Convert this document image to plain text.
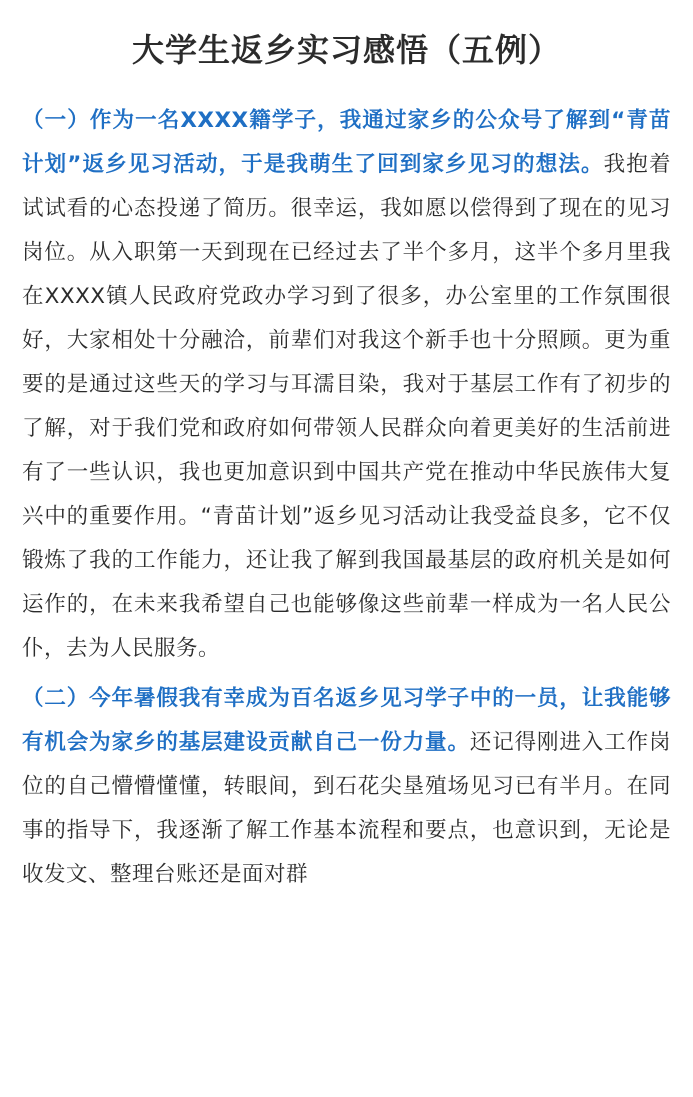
大学生返乡实习感悟（五例）

（一）作为一名XXXX籍学子，我通过家乡的公众号了解到“青苗计划”返乡见习活动，于是我萌生了回到家乡见习的想法。我抱着试试看的心态投递了简历。很幸运，我如愿以偿得到了现在的见习岗位。从入职第一天到现在已经过去了半个多月，这半个多月里我在XXXX镇人民政府党政办学习到了很多，办公室里的工作氛围很好，大家相处十分融洽，前辈们对我这个新手也十分照顾。更为重要的是通过这些天的学习与耳濡目染，我对于基层工作有了初步的了解，对于我们党和政府如何带领人民群众向着更美好的生活前进有了一些认识，我也更加意识到中国共产党在推动中华民族伟大复兴中的重要作用。“青苗计划”返乡见习活动让我受益良多，它不仅锻炼了我的工作能力，还让我了解到我国最基层的政府机关是如何运作的，在未来我希望自己也能够像这些前辈一样成为一名人民公仆，去为人民服务。

（二）今年暑假我有幸成为百名返乡见习学子中的一员，让我能够有机会为家乡的基层建设贡献自己一份力量。还记得刚进入工作岗位的自己懵懵懂懂，转眼间，到石花尖垦殖场见习已有半月。在同事的指导下，我逐渐了解工作基本流程和要点，也意识到，无论是收发文、整理台账还是面对群
